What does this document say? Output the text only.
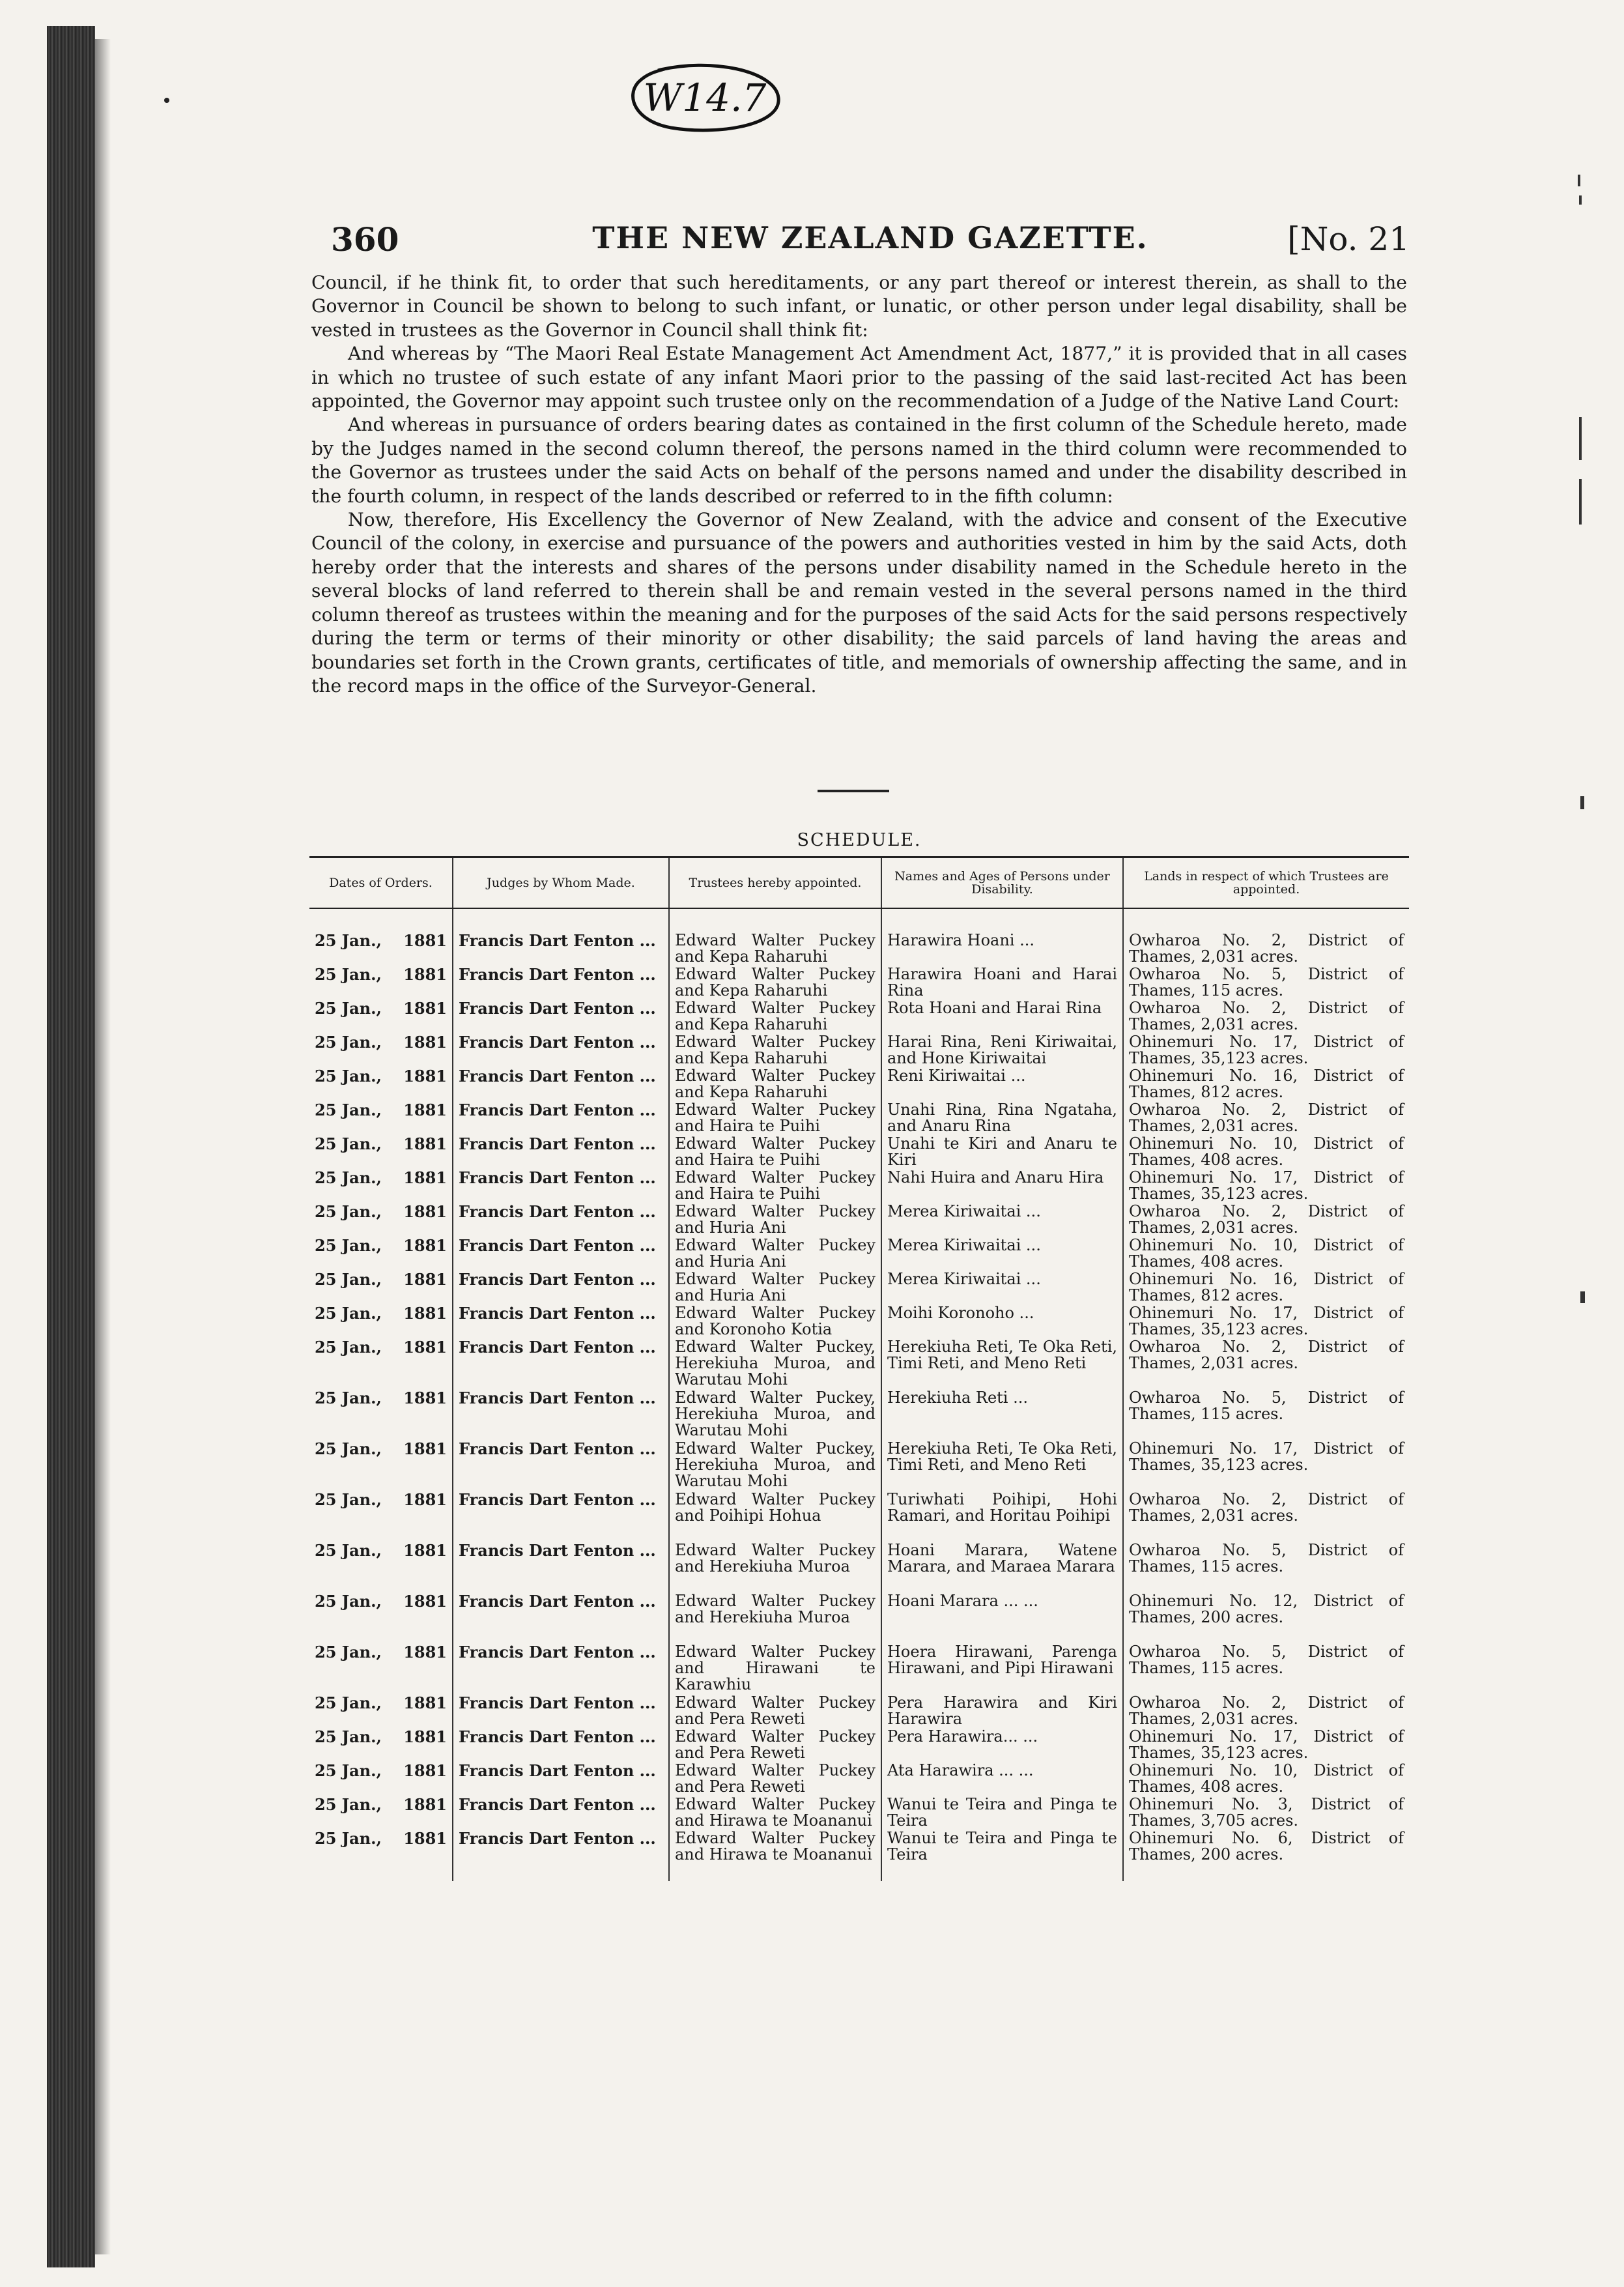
W14.7
THE NEW ZEALAND GAZETTE.
360	[No. 21

Council, if he think fit, to order that such hereditaments, or any part thereof or interest therein, as shall to the Governor in Council be shown to belong to such infant, or lunatic, or other person under legal disability, shall be vested in trustees as the Governor in Council shall think fit:

And whereas by “The Maori Real Estate Management Act Amendment Act, 1877,” it is provided that in all cases in which no trustee of such estate of any infant Maori prior to the passing of the said last-recited Act has been appointed, the Governor may appoint such trustee only on the recommendation of a Judge of the Native Land Court:

And whereas in pursuance of orders bearing dates as contained in the first column of the Schedule hereto, made by the Judges named in the second column thereof, the persons named in the third column were recommended to the Governor as trustees under the said Acts on behalf of the persons named and under the disability described in the fourth column, in respect of the lands described or referred to in the fifth column:

Now, therefore, His Excellency the Governor of New Zealand, with the advice and consent of the Executive Council of the colony, in exercise and pursuance of the powers and authorities vested in him by the said Acts, doth hereby order that the interests and shares of the persons under disability named in the Schedule hereto in the several blocks of land referred to therein shall be and remain vested in the several persons named in the third column thereof as trustees within the meaning and for the purposes of the said Acts for the said persons respectively during the term or terms of their minority or other disability; the said parcels of land having the areas and boundaries set forth in the Crown grants, certificates of title, and memorials of ownership affecting the same, and in the record maps in the office of the Surveyor-General.

SCHEDULE.
Dates of Orders.	Judges by Whom Made.	Trustees hereby appointed.	Names and Ages of Persons under Disability.	Lands in respect of which Trustees are appointed.

25 Jan., 1881	Francis Dart Fenton ...	Edward Walter Puckey and Kepa Raharuhi	Harawira Hoani ...	Owharoa No. 2, District of Thames, 2,031 acres.

25 Jan., 1881	Francis Dart Fenton ...	Edward Walter Puckey and Kepa Raharuhi	Harawira Hoani and Harai Rina	Owharoa No. 5, District of Thames, 115 acres.

25 Jan., 1881	Francis Dart Fenton ...	Edward Walter Puckey and Kepa Raharuhi	Rota Hoani and Harai Rina	Owharoa No. 2, District of Thames, 2,031 acres.

25 Jan., 1881	Francis Dart Fenton ...	Edward Walter Puckey and Kepa Raharuhi	Harai Rina, Reni Kiriwaitai, and Hone Kiriwaitai	Ohinemuri No. 17, District of Thames, 35,123 acres.

25 Jan., 1881	Francis Dart Fenton ...	Edward Walter Puckey and Kepa Raharuhi	Reni Kiriwaitai ...	Ohinemuri No. 16, District of Thames, 812 acres.

25 Jan., 1881	Francis Dart Fenton ...	Edward Walter Puckey and Haira te Puihi	Unahi Rina, Rina Ngataha, and Anaru Rina	Owharoa No. 2, District of Thames, 2,031 acres.

25 Jan., 1881	Francis Dart Fenton ...	Edward Walter Puckey and Haira te Puihi	Unahi te Kiri and Anaru te Kiri	Ohinemuri No. 10, District of Thames, 408 acres.

25 Jan., 1881	Francis Dart Fenton ...	Edward Walter Puckey and Haira te Puihi	Nahi Huira and Anaru Hira	Ohinemuri No. 17, District of Thames, 35,123 acres.

25 Jan., 1881	Francis Dart Fenton ...	Edward Walter Puckey and Huria Ani	Merea Kiriwaitai ...	Owharoa No. 2, District of Thames, 2,031 acres.

25 Jan., 1881	Francis Dart Fenton ...	Edward Walter Puckey and Huria Ani	Merea Kiriwaitai ...	Ohinemuri No. 10, District of Thames, 408 acres.

25 Jan., 1881	Francis Dart Fenton ...	Edward Walter Puckey and Huria Ani	Merea Kiriwaitai ...	Ohinemuri No. 16, District of Thames, 812 acres.

25 Jan., 1881	Francis Dart Fenton ...	Edward Walter Puckey and Koronoho Kotia	Moihi Koronoho ...	Ohinemuri No. 17, District of Thames, 35,123 acres.

25 Jan., 1881	Francis Dart Fenton ...	Edward Walter Puckey, Herekiuha Muroa, and Warutau Mohi	Herekiuha Reti, Te Oka Reti, Timi Reti, and Meno Reti	Owharoa No. 2, District of Thames, 2,031 acres.

25 Jan., 1881	Francis Dart Fenton ...	Edward Walter Puckey, Herekiuha Muroa, and Warutau Mohi	Herekiuha Reti ...	Owharoa No. 5, District of Thames, 115 acres.

25 Jan., 1881	Francis Dart Fenton ...	Edward Walter Puckey, Herekiuha Muroa, and Warutau Mohi	Herekiuha Reti, Te Oka Reti, Timi Reti, and Meno Reti	Ohinemuri No. 17, District of Thames, 35,123 acres.

25 Jan., 1881	Francis Dart Fenton ...	Edward Walter Puckey and Poihipi Hohua	Turiwhati Poihipi, Hohi Ramari, and Horitau Poihipi	Owharoa No. 2, District of Thames, 2,031 acres.

25 Jan., 1881	Francis Dart Fenton ...	Edward Walter Puckey and Herekiuha Muroa	Hoani Marara, Watene Marara, and Maraea Marara	Owharoa No. 5, District of Thames, 115 acres.

25 Jan., 1881	Francis Dart Fenton ...	Edward Walter Puckey and Herekiuha Muroa	Hoani Marara ... ...	Ohinemuri No. 12, District of Thames, 200 acres.

25 Jan., 1881	Francis Dart Fenton ...	Edward Walter Puckey and Hirawani te Karawhiu	Hoera Hirawani, Parenga Hirawani, and Pipi Hirawani	Owharoa No. 5, District of Thames, 115 acres.

25 Jan., 1881	Francis Dart Fenton ...	Edward Walter Puckey and Pera Reweti	Pera Harawira and Kiri Harawira	Owharoa No. 2, District of Thames, 2,031 acres.

25 Jan., 1881	Francis Dart Fenton ...	Edward Walter Puckey and Pera Reweti	Pera Harawira... ...	Ohinemuri No. 17, District of Thames, 35,123 acres.

25 Jan., 1881	Francis Dart Fenton ...	Edward Walter Puckey and Pera Reweti	Ata Harawira ... ...	Ohinemuri No. 10, District of Thames, 408 acres.

25 Jan., 1881	Francis Dart Fenton ...	Edward Walter Puckey and Hirawa te Moananui	Wanui te Teira and Pinga te Teira	Ohinemuri No. 3, District of Thames, 3,705 acres.

25 Jan., 1881	Francis Dart Fenton ...	Edward Walter Puckey and Hirawa te Moananui	Wanui te Teira and Pinga te Teira	Ohinemuri No. 6, District of Thames, 200 acres.
